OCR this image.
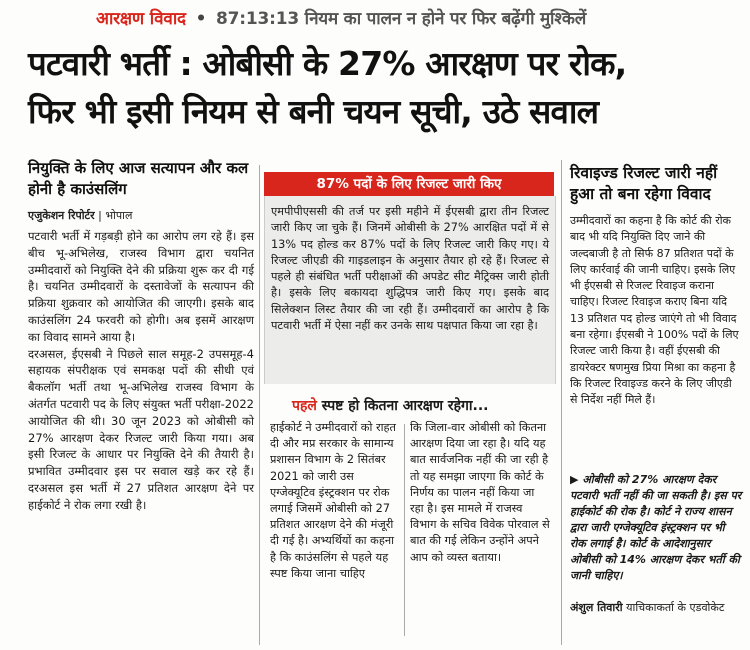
आरक्षण विवाद • 87:13:13 नियम का पालन न होने पर फिर बढ़ेंगी मुश्किलें
पटवारी भर्ती : ओबीसी के 27% आरक्षण पर रोक,
फिर भी इसी नियम से बनी चयन सूची, उठे सवाल
नियुक्ति के लिए आज सत्यापन और कल होनी है काउंसलिंग
एजुकेशन रिपोर्टर | भोपाल

पटवारी भर्ती में गड़बड़ी होने का आरोप लग रहे हैं। इस बीच भू-अभिलेख, राजस्व विभाग द्वारा चयनित उम्मीदवारों को नियुक्ति देने की प्रक्रिया शुरू कर दी गई है। चयनित उम्मीदवारों के दस्तावेजों के सत्यापन की प्रक्रिया शुक्रवार को आयोजित की जाएगी। इसके बाद काउंसलिंग 24 फरवरी को होगी। अब इसमें आरक्षण का विवाद सामने आया है।

दरअसल, ईएसबी ने पिछले साल समूह-2 उपसमूह-4 सहायक संपरीक्षक एवं समकक्ष पदों की सीधी एवं बैकलॉग भर्ती तथा भू-अभिलेख राजस्व विभाग के अंतर्गत पटवारी पद के लिए संयुक्त भर्ती परीक्षा-2022 आयोजित की थी। 30 जून 2023 को ओबीसी को 27% आरक्षण देकर रिजल्ट जारी किया गया। अब इसी रिजल्ट के आधार पर नियुक्ति देने की तैयारी है। प्रभावित उम्मीदवार इस पर सवाल खड़े कर रहे हैं। दरअसल इस भर्ती में 27 प्रतिशत आरक्षण देने पर हाईकोर्ट ने रोक लगा रखी है।

87% पदों के लिए रिजल्ट जारी किए
एमपीपीएससी की तर्ज पर इसी महीने में ईएसबी द्वारा तीन रिजल्ट जारी किए जा चुके हैं। जिनमें ओबीसी के 27% आरक्षित पदों में से 13% पद होल्ड कर 87% पदों के लिए रिजल्ट जारी किए गए। ये रिजल्ट जीएडी की गाइडलाइन के अनुसार तैयार हो रहे हैं। रिजल्ट से पहले ही संबंधित भर्ती परीक्षाओं की अपडेट सीट मैट्रिक्स जारी होती है। इसके लिए बकायदा शुद्धिपत्र जारी किए गए। इसके बाद सिलेक्शन लिस्ट तैयार की जा रही हैं। उम्मीदवारों का आरोप है कि पटवारी भर्ती में ऐसा नहीं कर उनके साथ पक्षपात किया जा रहा है।
पहले स्पष्ट हो कितना आरक्षण रहेगा...
हाईकोर्ट ने उम्मीदवारों को राहत दी और मप्र सरकार के सामान्य प्रशासन विभाग के 2 सितंबर 2021 को जारी उस एग्जेक्यूटिव इंस्ट्रक्शन पर रोक लगाई जिसमें ओबीसी को 27 प्रतिशत आरक्षण देने की मंजूरी दी गई है। अभ्यर्थियों का कहना है कि काउंसलिंग से पहले यह स्पष्ट किया जाना चाहिए
कि जिला-वार ओबीसी को कितना आरक्षण दिया जा रहा है। यदि यह बात सार्वजनिक नहीं की जा रही है तो यह समझा जाएगा कि कोर्ट के निर्णय का पालन नहीं किया जा रहा है। इस मामले में राजस्व विभाग के सचिव विवेक पोरवाल से बात की गई लेकिन उन्होंने अपने आप को व्यस्त बताया।
रिवाइज्ड रिजल्ट जारी नहीं हुआ तो बना रहेगा विवाद
उम्मीदवारों का कहना है कि कोर्ट की रोक बाद भी यदि नियुक्ति दिए जाने की जल्दबाजी है तो सिर्फ 87 प्रतिशत पदों के लिए कार्रवाई की जानी चाहिए। इसके लिए भी ईएसबी से रिजल्ट रिवाइज कराना चाहिए। रिजल्ट रिवाइज कराए बिना यदि 13 प्रतिशत पद होल्ड जाएंगे तो भी विवाद बना रहेगा। ईएसबी ने 100% पदों के लिए रिजल्ट जारी किया है। वहीं ईएसबी की डायरेक्टर षणमुख प्रिया मिश्रा का कहना है कि रिजल्ट रिवाइज्ड करने के लिए जीएडी से निर्देश नहीं मिले हैं।
▶ ओबीसी को 27% आरक्षण देकर पटवारी भर्ती नहीं की जा सकती है। इस पर हाईकोर्ट की रोक है। कोर्ट ने राज्य शासन द्वारा जारी एग्जेक्यूटिव इंस्ट्रक्शन पर भी रोक लगाई है। कोर्ट के आदेशानुसार ओबीसी को 14% आरक्षण देकर भर्ती की जानी चाहिए।
अंशुल तिवारी याचिकाकर्ता के एडवोकेट
